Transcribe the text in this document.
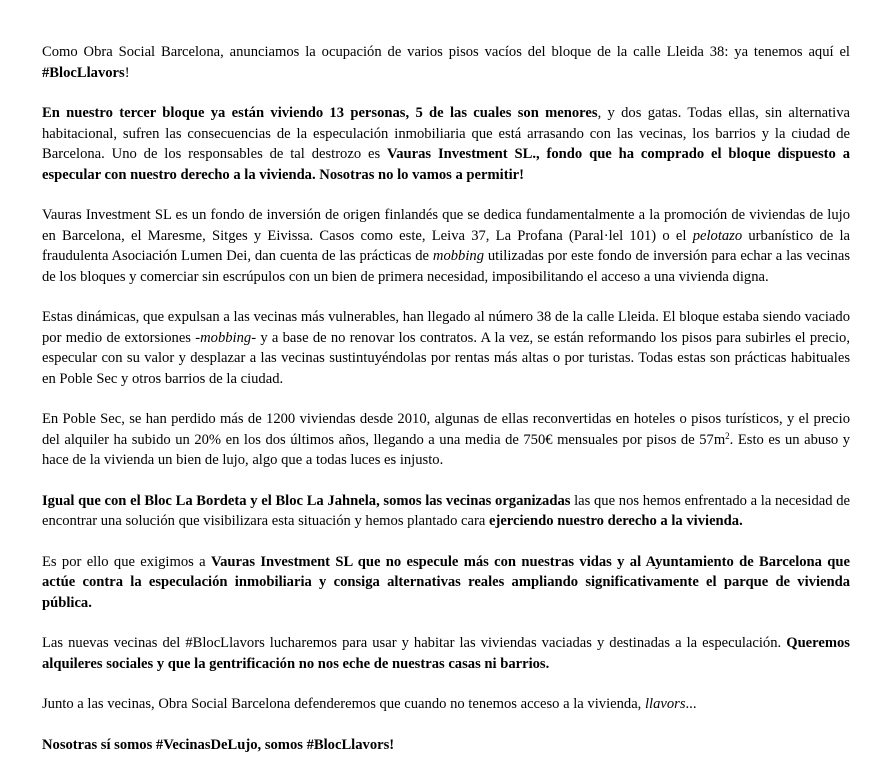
Como Obra Social Barcelona, anunciamos la ocupación de varios pisos vacíos del bloque de la calle Lleida 38: ya tenemos aquí el #BlocLlavors!

En nuestro tercer bloque ya están viviendo 13 personas, 5 de las cuales son menores, y dos gatas. Todas ellas, sin alternativa habitacional, sufren las consecuencias de la especulación inmobiliaria que está arrasando con las vecinas, los barrios y la ciudad de Barcelona. Uno de los responsables de tal destrozo es Vauras Investment SL., fondo que ha comprado el bloque dispuesto a especular con nuestro derecho a la vivienda. Nosotras no lo vamos a permitir!

Vauras Investment SL es un fondo de inversión de origen finlandés que se dedica fundamentalmente a la promoción de viviendas de lujo en Barcelona, el Maresme, Sitges y Eivissa. Casos como este, Leiva 37, La Profana (Paral·lel 101) o el pelotazo urbanístico de la fraudulenta Asociación Lumen Dei, dan cuenta de las prácticas de mobbing utilizadas por este fondo de inversión para echar a las vecinas de los bloques y comerciar sin escrúpulos con un bien de primera necesidad, imposibilitando el acceso a una vivienda digna.

Estas dinámicas, que expulsan a las vecinas más vulnerables, han llegado al número 38 de la calle Lleida. El bloque estaba siendo vaciado por medio de extorsiones -mobbing- y a base de no renovar los contratos. A la vez, se están reformando los pisos para subirles el precio, especular con su valor y desplazar a las vecinas sustintuyéndolas por rentas más altas o por turistas. Todas estas son prácticas habituales en Poble Sec y otros barrios de la ciudad.

En Poble Sec, se han perdido más de 1200 viviendas desde 2010, algunas de ellas reconvertidas en hoteles o pisos turísticos, y el precio del alquiler ha subido un 20% en los dos últimos años, llegando a una media de 750€ mensuales por pisos de $57m^2$. Esto es un abuso y hace de la vivienda un bien de lujo, algo que a todas luces es injusto.

Igual que con el Bloc La Bordeta y el Bloc La Jahnela, somos las vecinas organizadas las que nos hemos enfrentado a la necesidad de encontrar una solución que visibilizara esta situación y hemos plantado cara ejerciendo nuestro derecho a la vivienda.

Es por ello que exigimos a Vauras Investment SL que no especule más con nuestras vidas y al Ayuntamiento de Barcelona que actúe contra la especulación inmobiliaria y consiga alternativas reales ampliando significativamente el parque de vivienda pública.

Las nuevas vecinas del #BlocLlavors lucharemos para usar y habitar las viviendas vaciadas y destinadas a la especulación. Queremos alquileres sociales y que la gentrificación no nos eche de nuestras casas ni barrios.

Junto a las vecinas, Obra Social Barcelona defenderemos que cuando no tenemos acceso a la vivienda, llavors...

Nosotras sí somos #VecinasDeLujo, somos #BlocLlavors!
